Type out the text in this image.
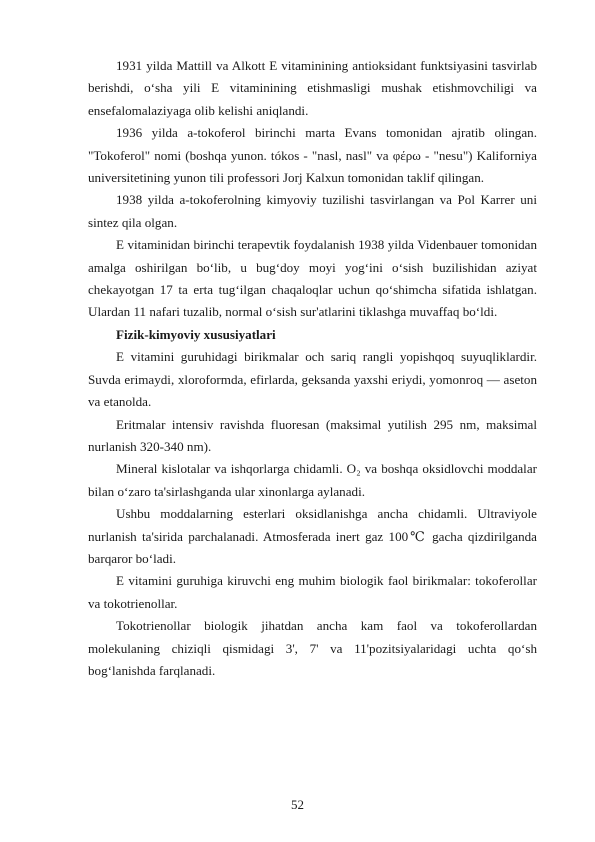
1931 yilda Mattill va Alkott E vitaminining antioksidant funktsiyasini tasvirlab berishdi, o‘sha yili E vitaminining etishmasligi mushak etishmovchiligi va ensefalomalaziyaga olib kelishi aniqlandi.

1936 yilda a-tokoferol birinchi marta Evans tomonidan ajratib olingan. "Tokoferol" nomi (boshqa yunon. tókos - "nasl, nasl" va φέρω - "nesu") Kaliforniya universitetining yunon tili professori Jorj Kalxun tomonidan taklif qilingan.

1938 yilda a-tokoferolning kimyoviy tuzilishi tasvirlangan va Pol Karrer uni sintez qila olgan.

E vitaminidan birinchi terapevtik foydalanish 1938 yilda Videnbauer tomonidan amalga oshirilgan bo‘lib, u bug‘doy moyi yog‘ini o‘sish buzilishidan aziyat chekayotgan 17 ta erta tug‘ilgan chaqaloqlar uchun qo‘shimcha sifatida ishlatgan. Ulardan 11 nafari tuzalib, normal o‘sish sur'atlarini tiklashga muvaffaq bo‘ldi.

Fizik-kimyoviy xususiyatlari

E vitamini guruhidagi birikmalar och sariq rangli yopishqoq suyuqliklardir. Suvda erimaydi, xloroformda, efirlarda, geksanda yaxshi eriydi, yomonroq — aseton va etanolda.

Eritmalar intensiv ravishda fluoresan (maksimal yutilish 295 nm, maksimal nurlanish 320-340 nm).

Mineral kislotalar va ishqorlarga chidamli. O₂ va boshqa oksidlovchi moddalar bilan o‘zaro ta'sirlashganda ular xinonlarga aylanadi.

Ushbu moddalarning esterlari oksidlanishga ancha chidamli. Ultraviyole nurlanish ta'sirida parchalanadi. Atmosferada inert gaz 100℃ gacha qizdirilganda barqaror bo‘ladi.

E vitamini guruhiga kiruvchi eng muhim biologik faol birikmalar: tokoferollar va tokotrienollar.

Tokotrienollar biologik jihatdan ancha kam faol va tokoferollardan molekulaning chiziqli qismidagi 3', 7' va 11'pozitsiyalaridagi uchta qo‘sh bog‘lanishda farqlanadi.

52
